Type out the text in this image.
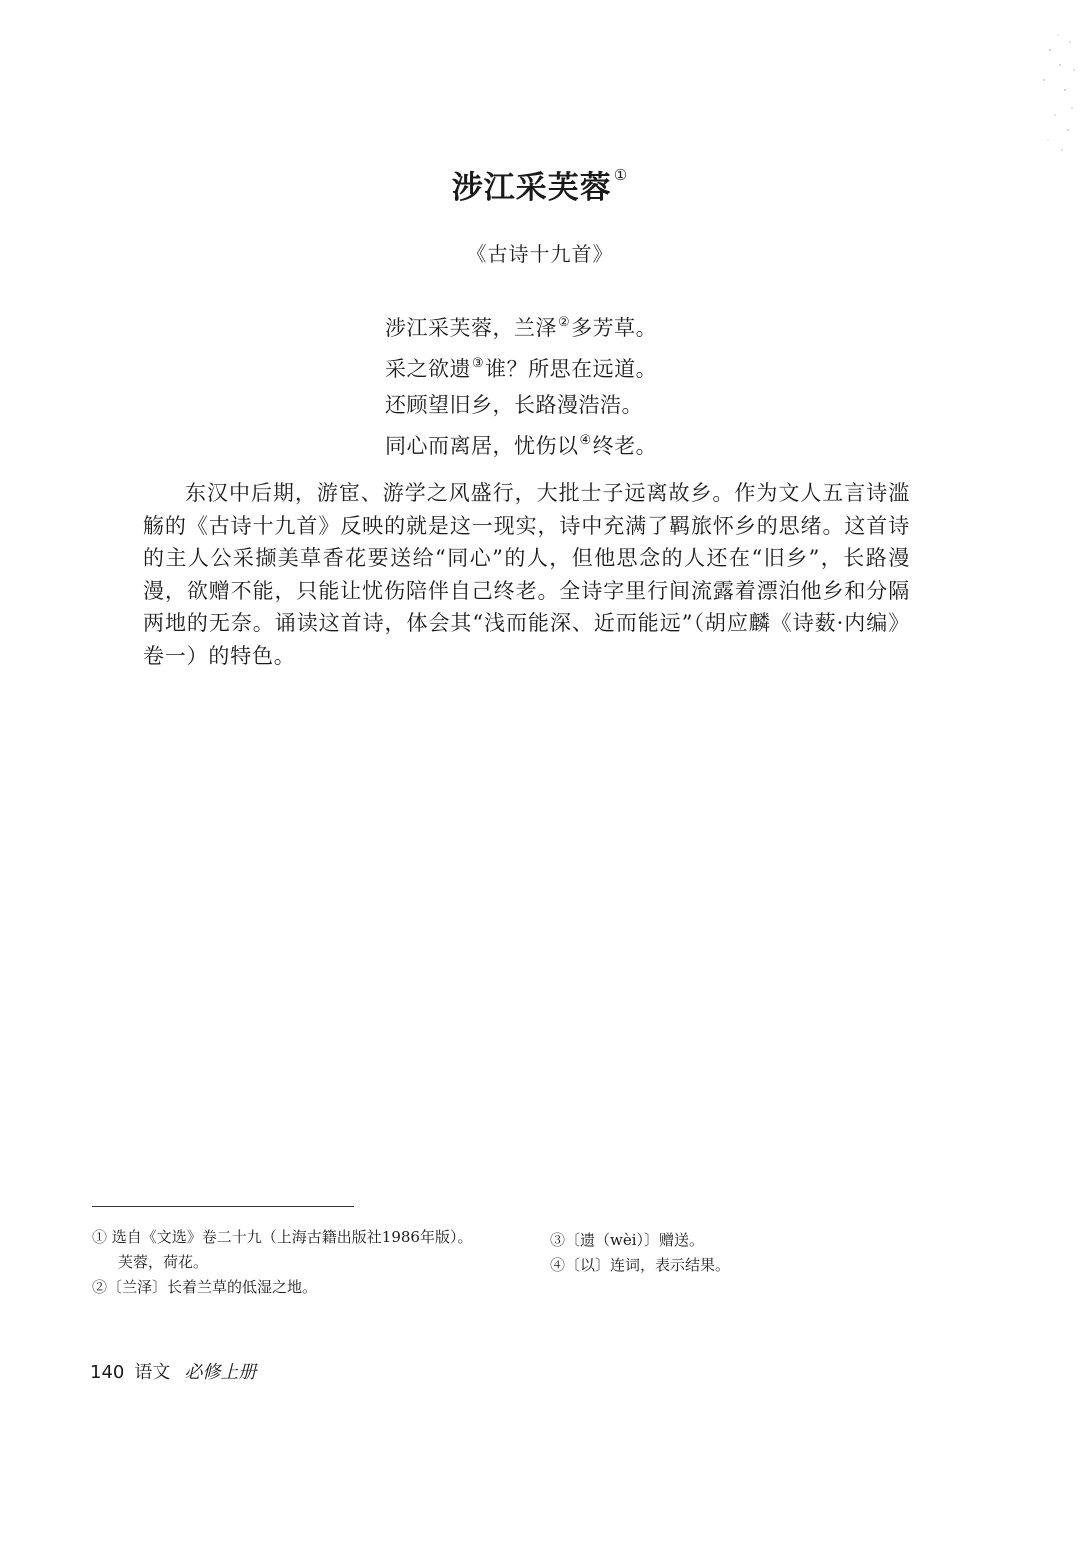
涉江采芙蓉 ①
《古诗十九首》
涉江采芙蓉，兰泽②多芳草。
采之欲遗③谁？所思在远道。
还顾望旧乡，长路漫浩浩。
同心而离居，忧伤以④终老。
东汉中后期，游宦、游学之风盛行，大批士子远离故乡。作为文人五言诗滥觞的《古诗十九首》反映的就是这一现实，诗中充满了羁旅怀乡的思绪。这首诗的主人公采撷美草香花要送给“同心”的人，但他思念的人还在“旧乡”，长路漫漫，欲赠不能，只能让忧伤陪伴自己终老。全诗字里行间流露着漂泊他乡和分隔两地的无奈。诵读这首诗，体会其“浅而能深、近而能远”（胡应麟《诗薮·内编》卷一）的特色。
① 选自《文选》卷二十九（上海古籍出版社1986年版）。
芙蓉，荷花。
②〔兰泽〕长着兰草的低湿之地。
③〔遗（wèi）〕赠送。
④〔以〕连词，表示结果。
140 语文 必修上册
